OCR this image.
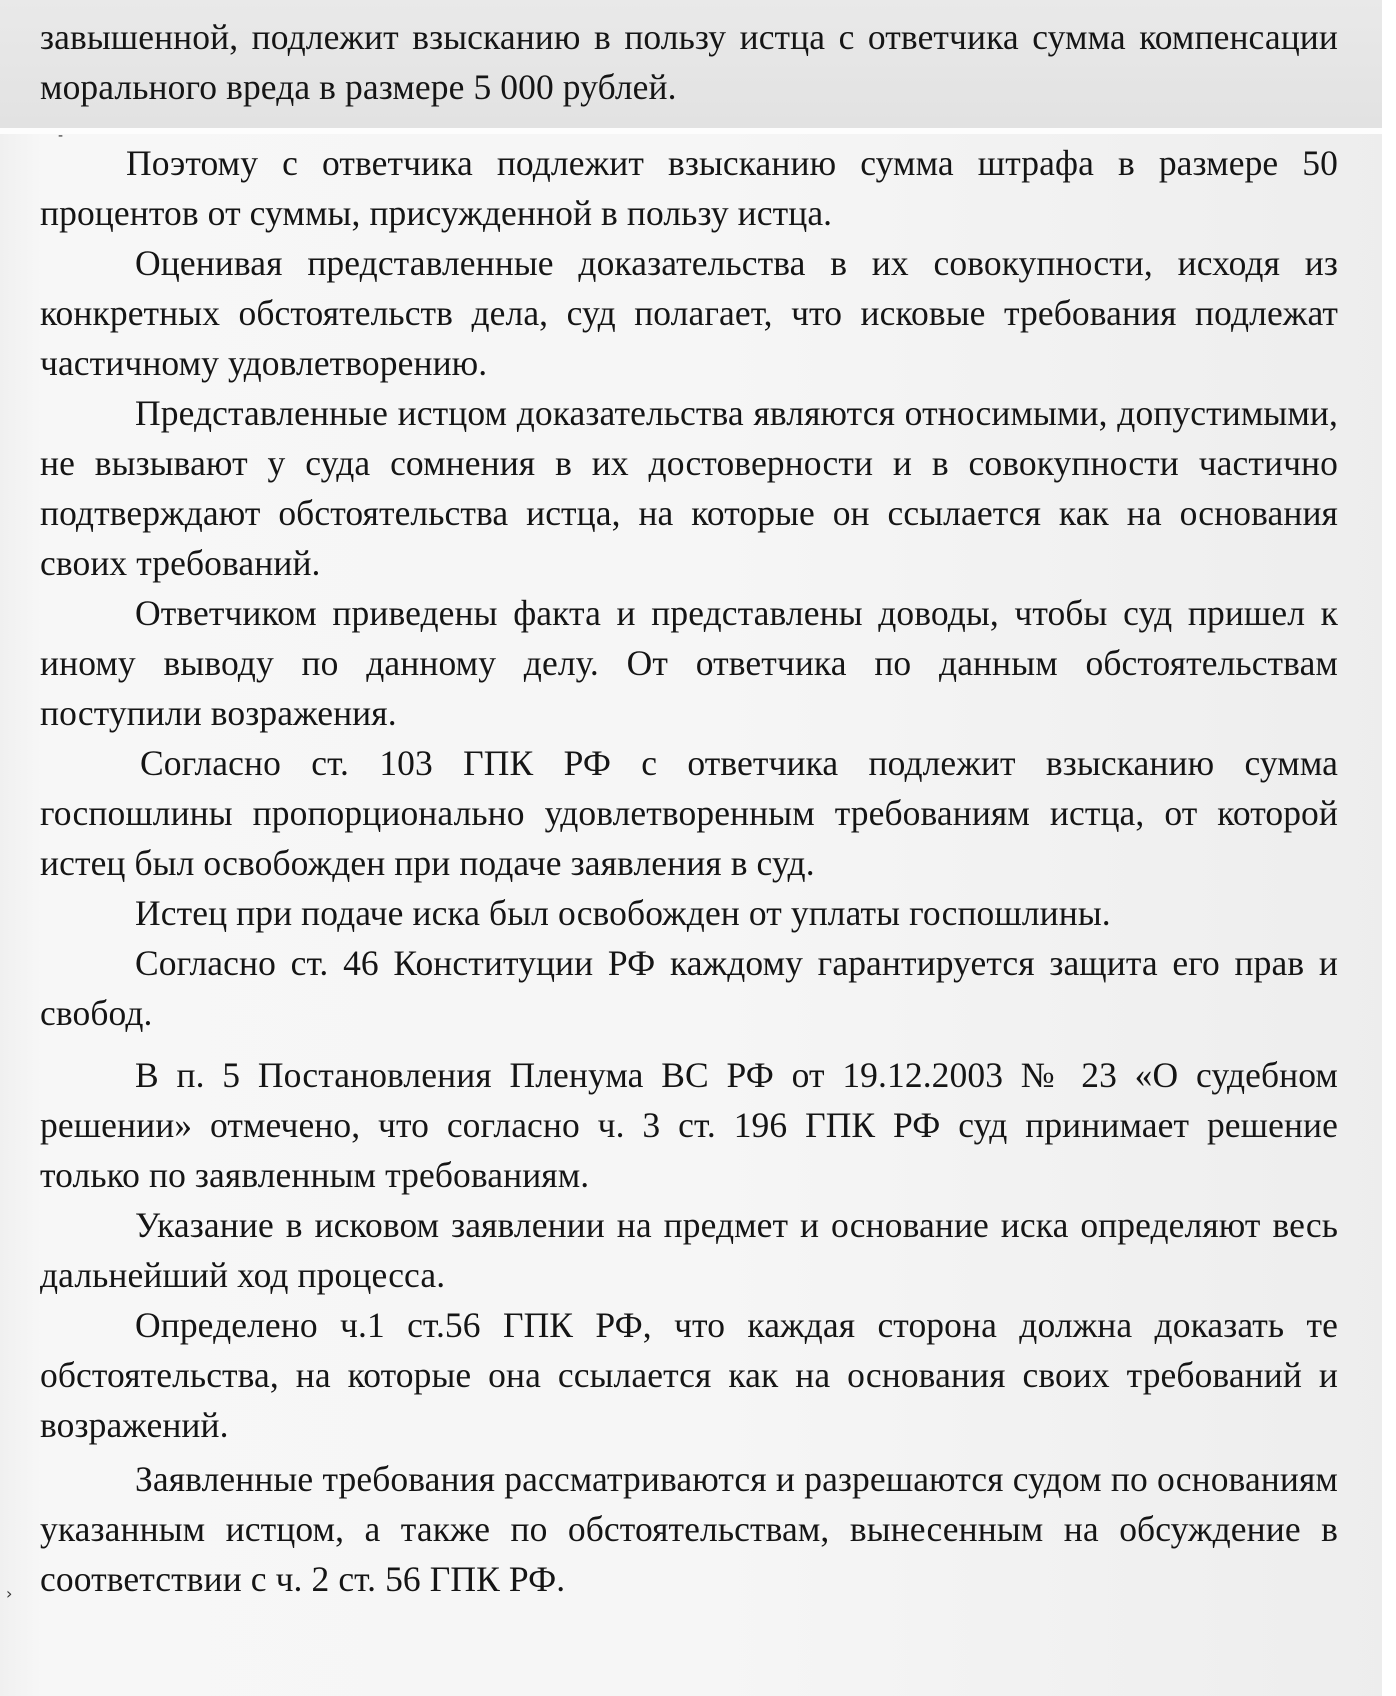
завышенной, подлежит взысканию в пользу истца с ответчика сумма компенсации морального вреда в размере 5 000 рублей.

-
›

Поэтому с ответчика подлежит взысканию сумма штрафа в размере 50 процентов от суммы, присужденной в пользу истца.

Оценивая представленные доказательства в их совокупности, исходя из конкретных обстоятельств дела, суд полагает, что исковые требования подлежат частичному удовлетворению.

Представленные истцом доказательства являются относимыми, допустимыми, не вызывают у суда сомнения в их достоверности и в совокупности частично подтверждают обстоятельства истца, на которые он ссылается как на основания своих требований.

Ответчиком приведены факта и представлены доводы, чтобы суд пришел к иному выводу по данному делу. От ответчика по данным обстоятельствам поступили возражения.

Согласно ст. 103 ГПК РФ с ответчика подлежит взысканию сумма госпошлины пропорционально удовлетворенным требованиям истца, от которой истец был освобожден при подаче заявления в суд.

Истец при подаче иска был освобожден от уплаты госпошлины.

Согласно ст. 46 Конституции РФ каждому гарантируется защита его прав и свобод.

В п. 5 Постановления Пленума ВС РФ от 19.12.2003 № 23 «О судебном решении» отмечено, что согласно ч. 3 ст. 196 ГПК РФ суд принимает решение только по заявленным требованиям.

Указание в исковом заявлении на предмет и основание иска определяют весь дальнейший ход процесса.

Определено ч.1 ст.56 ГПК РФ, что каждая сторона должна доказать те обстоятельства, на которые она ссылается как на основания своих требований и возражений.

Заявленные требования рассматриваются и разрешаются судом по основаниям указанным истцом, а также по обстоятельствам, вынесенным на обсуждение в соответствии с ч. 2 ст. 56 ГПК РФ.
